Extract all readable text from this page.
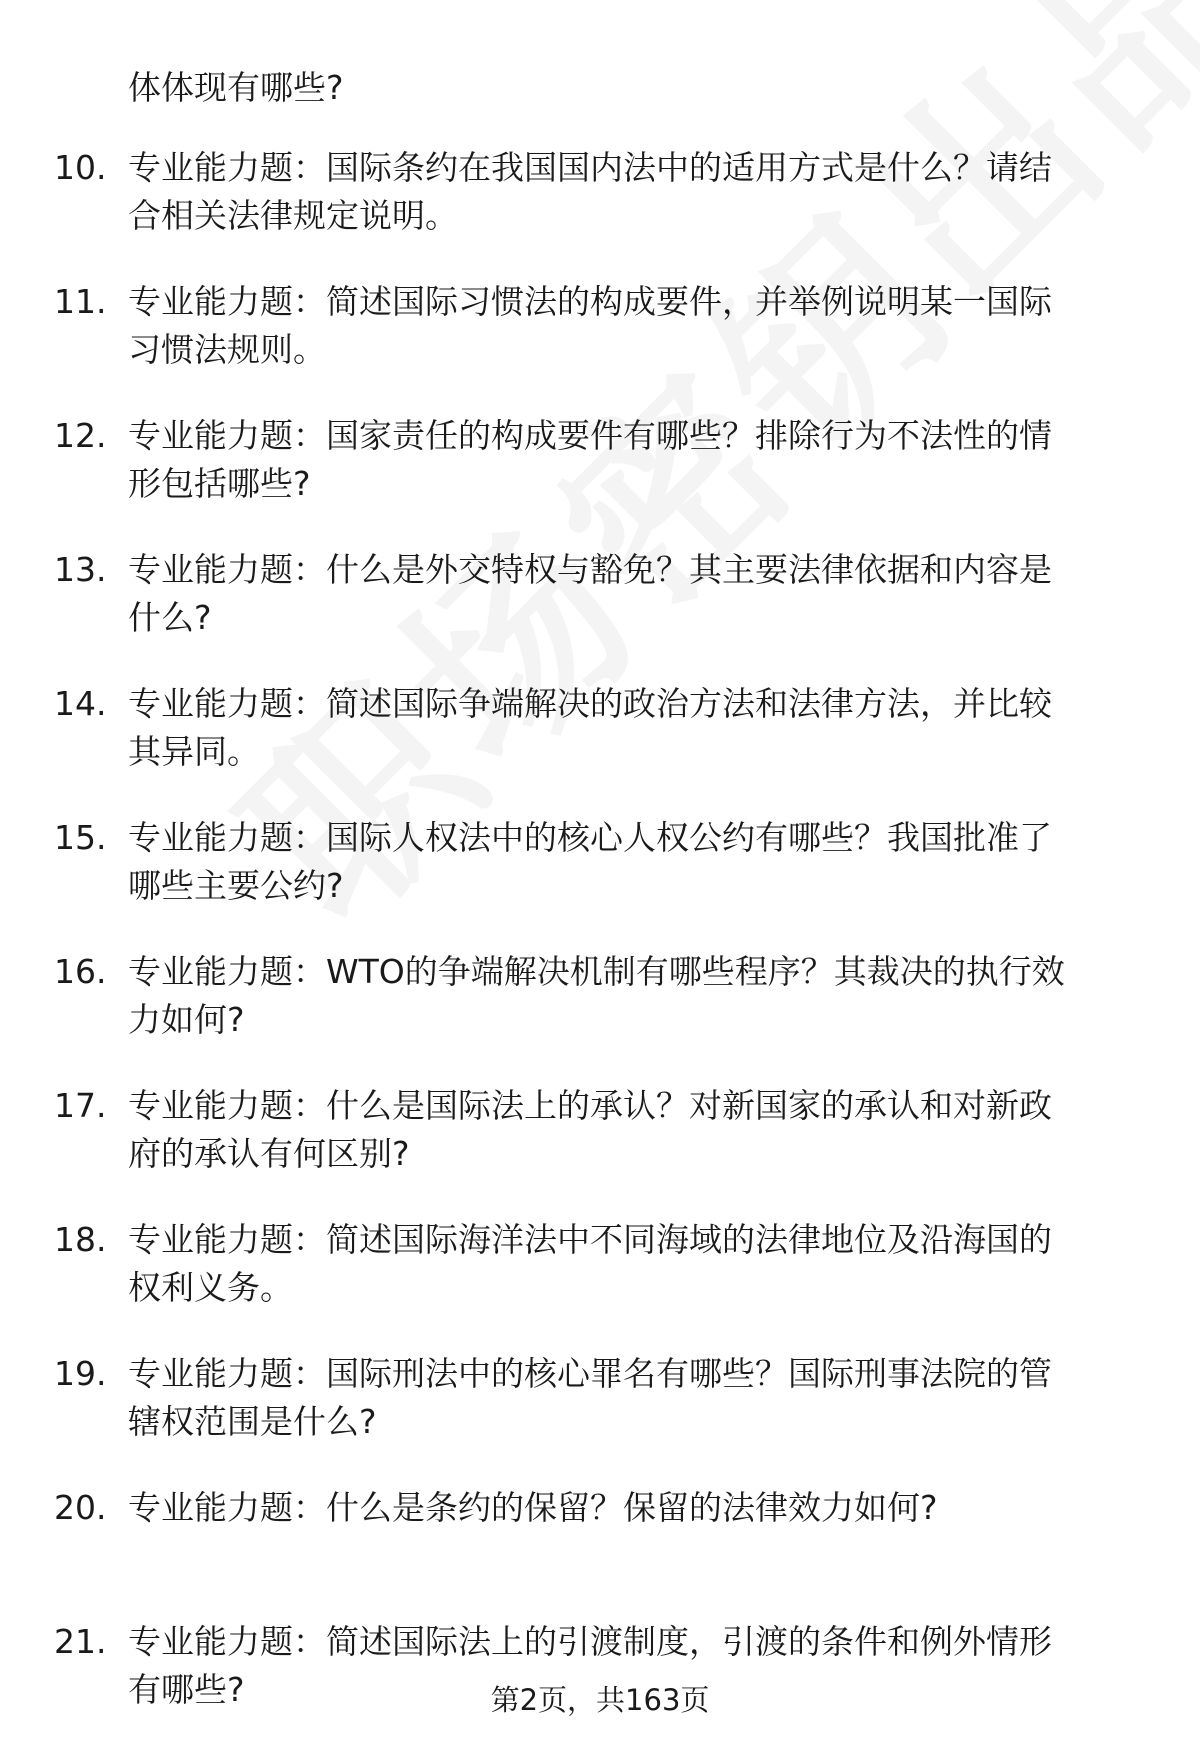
体体现有哪些?

10. 专业能力题：国际条约在我国国内法中的适用方式是什么？请结
合相关法律规定说明。

11. 专业能力题：简述国际习惯法的构成要件，并举例说明某一国际
习惯法规则。

12. 专业能力题：国家责任的构成要件有哪些？排除行为不法性的情
形包括哪些?

13. 专业能力题：什么是外交特权与豁免？其主要法律依据和内容是
什么?

14. 专业能力题：简述国际争端解决的政治方法和法律方法，并比较
其异同。

15. 专业能力题：国际人权法中的核心人权公约有哪些？我国批准了
哪些主要公约?

16. 专业能力题：WTO的争端解决机制有哪些程序？其裁决的执行效
力如何?

17. 专业能力题：什么是国际法上的承认？对新国家的承认和对新政
府的承认有何区别?

18. 专业能力题：简述国际海洋法中不同海域的法律地位及沿海国的
权利义务。

19. 专业能力题：国际刑法中的核心罪名有哪些？国际刑事法院的管
辖权范围是什么?

20. 专业能力题：什么是条约的保留？保留的法律效力如何?

21. 专业能力题：简述国际法上的引渡制度，引渡的条件和例外情形
有哪些?	第2页，共163页
